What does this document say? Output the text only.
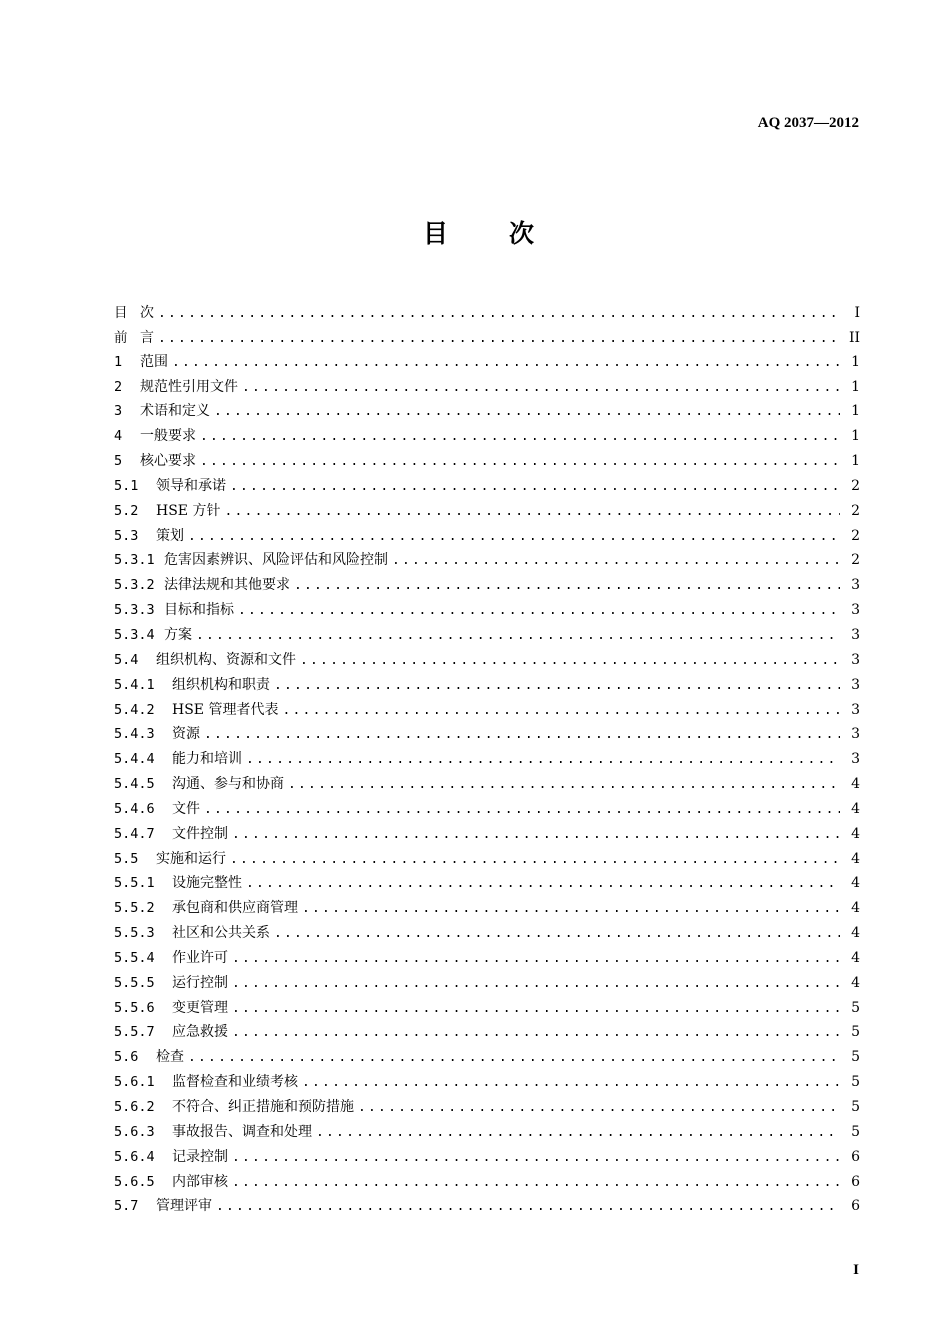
AQ 2037—2012
目　次
目 次 .....	I
前 言 .....	II
1	范围 .....	1
2	规范性引用文件 .....	1
3	术语和定义 .....	1
4	一般要求 .....	1
5	核心要求 .....	1
5.1	领导和承诺 .....	2
5.2	HSE 方针 .....	2
5.3	策划 .....	2
5.3.1 危害因素辨识、风险评估和风险控制 .....	2
5.3.2 法律法规和其他要求 .....	3
5.3.3 目标和指标 .....	3
5.3.4 方案 .....	3
5.4	组织机构、资源和文件 .....	3
5.4.1	组织机构和职责 .....	3
5.4.2	HSE 管理者代表 .....	3
5.4.3	资源 .....	3
5.4.4	能力和培训 .....	3
5.4.5	沟通、参与和协商 .....	4
5.4.6	文件 .....	4
5.4.7	文件控制 .....	4
5.5	实施和运行 .....	4
5.5.1	设施完整性 .....	4
5.5.2	承包商和供应商管理 .....	4
5.5.3	社区和公共关系 .....	4
5.5.4	作业许可 .....	4
5.5.5	运行控制 .....	4
5.5.6	变更管理 .....	5
5.5.7	应急救援 .....	5
5.6	检查 .....	5
5.6.1	监督检查和业绩考核 .....	5
5.6.2	不符合、纠正措施和预防措施 .....	5
5.6.3	事故报告、调查和处理 .....	5
5.6.4	记录控制 .....	6
5.6.5	内部审核 .....	6
5.7	管理评审 .....	6
I
